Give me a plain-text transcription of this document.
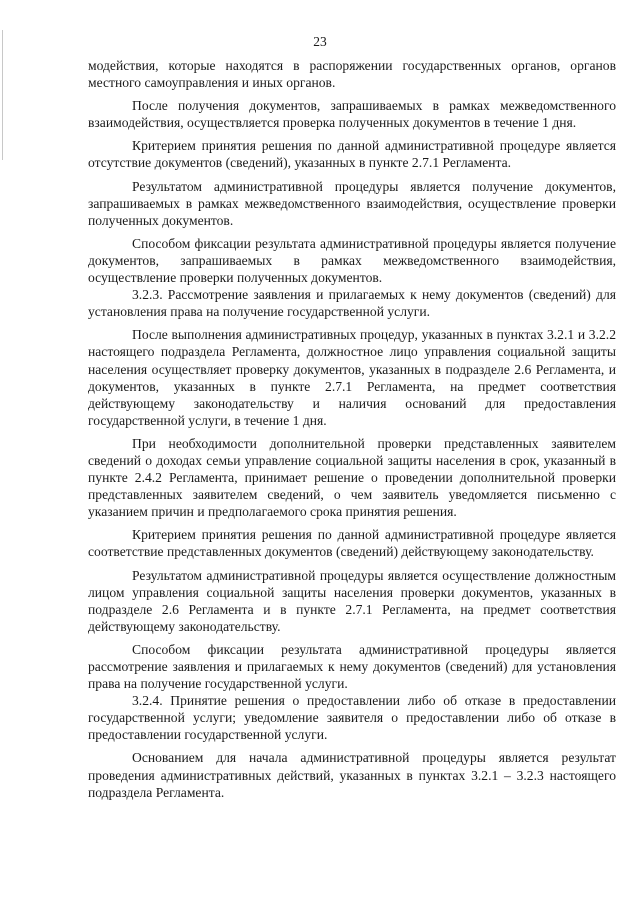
23

модействия, которые находятся в распоряжении государственных органов, органов местного самоуправления и иных органов.

После получения документов, запрашиваемых в рамках межведомственного взаимодействия, осуществляется проверка полученных документов в течение 1 дня.

Критерием принятия решения по данной административной процедуре является отсутствие документов (сведений), указанных в пункте 2.7.1 Регламента.

Результатом административной процедуры является получение документов, запрашиваемых в рамках межведомственного взаимодействия, осуществление проверки полученных документов.

Способом фиксации результата административной процедуры является получение документов, запрашиваемых в рамках межведомственного взаимодействия, осуществление проверки полученных документов.

3.2.3. Рассмотрение заявления и прилагаемых к нему документов (сведений) для установления права на получение государственной услуги.

После выполнения административных процедур, указанных в пунктах 3.2.1 и 3.2.2 настоящего подраздела Регламента, должностное лицо управления социальной защиты населения осуществляет проверку документов, указанных в подразделе 2.6 Регламента, и документов, указанных в пункте 2.7.1 Регламента, на предмет соответствия действующему законодательству и наличия оснований для предоставления государственной услуги, в течение 1 дня.

При необходимости дополнительной проверки представленных заявителем сведений о доходах семьи управление социальной защиты населения в срок, указанный в пункте 2.4.2 Регламента, принимает решение о проведении дополнительной проверки представленных заявителем сведений, о чем заявитель уведомляется письменно с указанием причин и предполагаемого срока принятия решения.

Критерием принятия решения по данной административной процедуре является соответствие представленных документов (сведений) действующему законодательству.

Результатом административной процедуры является осуществление должностным лицом управления социальной защиты населения проверки документов, указанных в подразделе 2.6 Регламента и в пункте 2.7.1 Регламента, на предмет соответствия действующему законодательству.

Способом фиксации результата административной процедуры является рассмотрение заявления и прилагаемых к нему документов (сведений) для установления права на получение государственной услуги.

3.2.4. Принятие решения о предоставлении либо об отказе в предоставлении государственной услуги; уведомление заявителя о предоставлении либо об отказе в предоставлении государственной услуги.

Основанием для начала административной процедуры является результат проведения административных действий, указанных в пунктах 3.2.1 – 3.2.3 настоящего подраздела Регламента.
